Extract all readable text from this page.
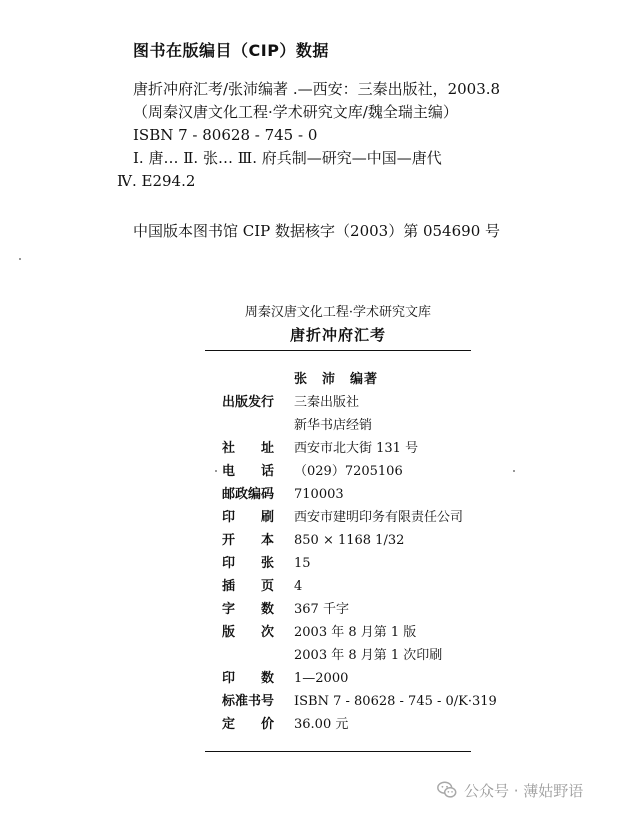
图书在版编目（CIP）数据
唐折冲府汇考/张沛编著 .—西安：三秦出版社，2003.8
（周秦汉唐文化工程·学术研究文库/魏全瑞主编）
ISBN 7 - 80628 - 745 - 0
Ⅰ. 唐… Ⅱ. 张… Ⅲ. 府兵制—研究—中国—唐代
Ⅳ. E294.2
中国版本图书馆 CIP 数据核字（2003）第 054690 号
周秦汉唐文化工程·学术研究文库
唐折冲府汇考
张　沛　编著
出版发行	三秦出版社
新华书店经销
社　　址	西安市北大街 131 号
电　　话	（029）7205106
邮政编码	710003
印　　刷	西安市建明印务有限责任公司
开　　本	850 × 1168 1/32
印　　张	15
插　　页	4
字　　数	367 千字
版　　次	2003 年 8 月第 1 版
2003 年 8 月第 1 次印刷
印　　数	1—2000
标准书号	ISBN 7 - 80628 - 745 - 0/K·319
定　　价	36.00 元
公众号 · 薄姑野语
